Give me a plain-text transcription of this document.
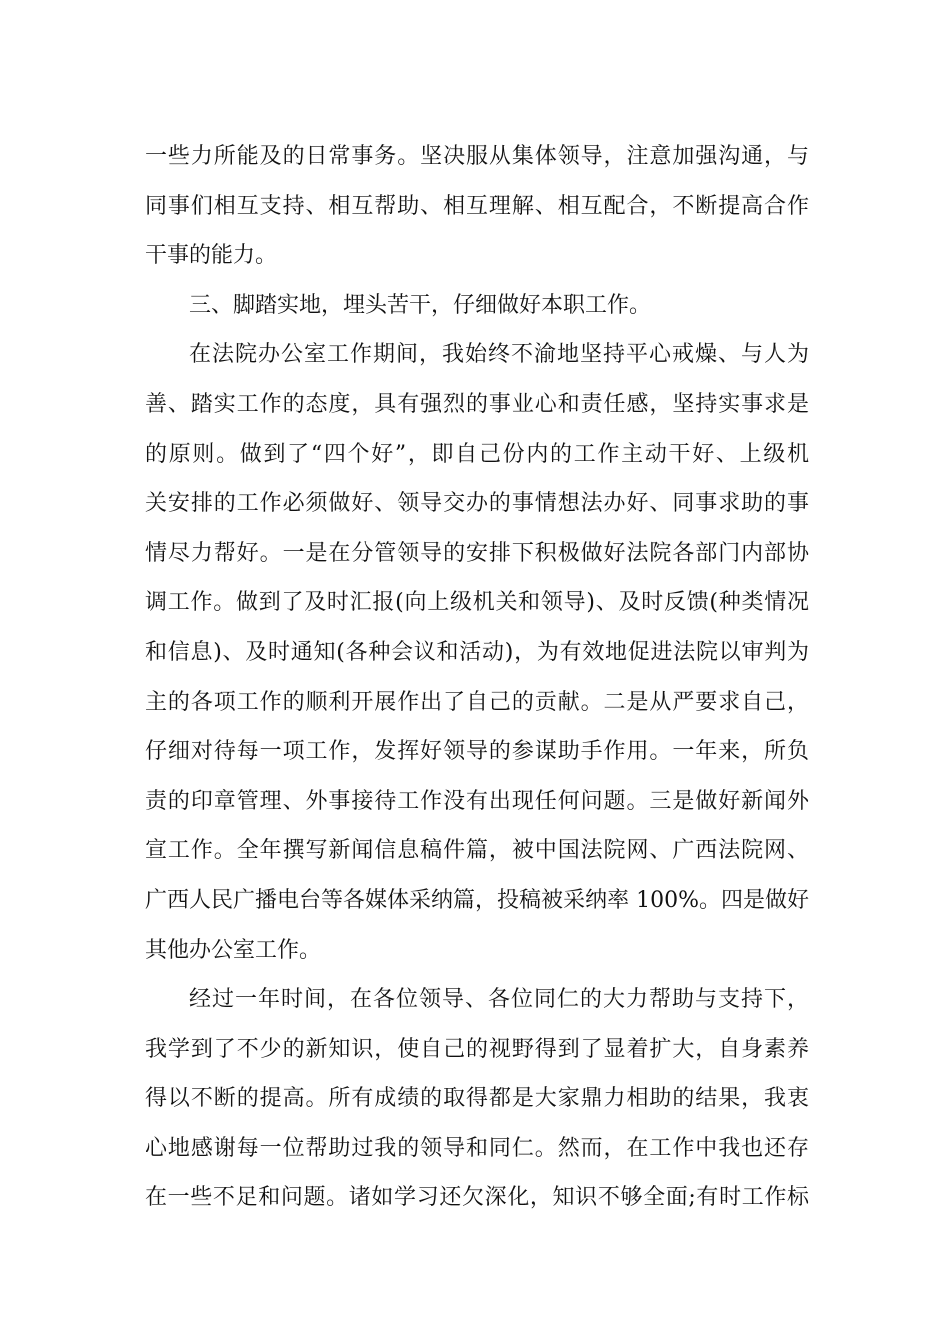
一些力所能及的日常事务。坚决服从集体领导，注意加强沟通，与
同事们相互支持、相互帮助、相互理解、相互配合，不断提高合作
干事的能力。
三、脚踏实地，埋头苦干，仔细做好本职工作。
在法院办公室工作期间，我始终不渝地坚持平心戒燥、与人为
善、踏实工作的态度，具有强烈的事业心和责任感，坚持实事求是
的原则。做到了“四个好”，即自己份内的工作主动干好、上级机
关安排的工作必须做好、领导交办的事情想法办好、同事求助的事
情尽力帮好。一是在分管领导的安排下积极做好法院各部门内部协
调工作。做到了及时汇报(向上级机关和领导)、及时反馈(种类情况
和信息)、及时通知(各种会议和活动)，为有效地促进法院以审判为
主的各项工作的顺利开展作出了自己的贡献。二是从严要求自己，
仔细对待每一项工作，发挥好领导的参谋助手作用。一年来，所负
责的印章管理、外事接待工作没有出现任何问题。三是做好新闻外
宣工作。全年撰写新闻信息稿件篇，被中国法院网、广西法院网、
广西人民广播电台等各媒体采纳篇，投稿被采纳率 100%。四是做好
其他办公室工作。
经过一年时间，在各位领导、各位同仁的大力帮助与支持下，
我学到了不少的新知识，使自己的视野得到了显着扩大，自身素养
得以不断的提高。所有成绩的取得都是大家鼎力相助的结果，我衷
心地感谢每一位帮助过我的领导和同仁。然而，在工作中我也还存
在一些不足和问题。诸如学习还欠深化，知识不够全面;有时工作标
